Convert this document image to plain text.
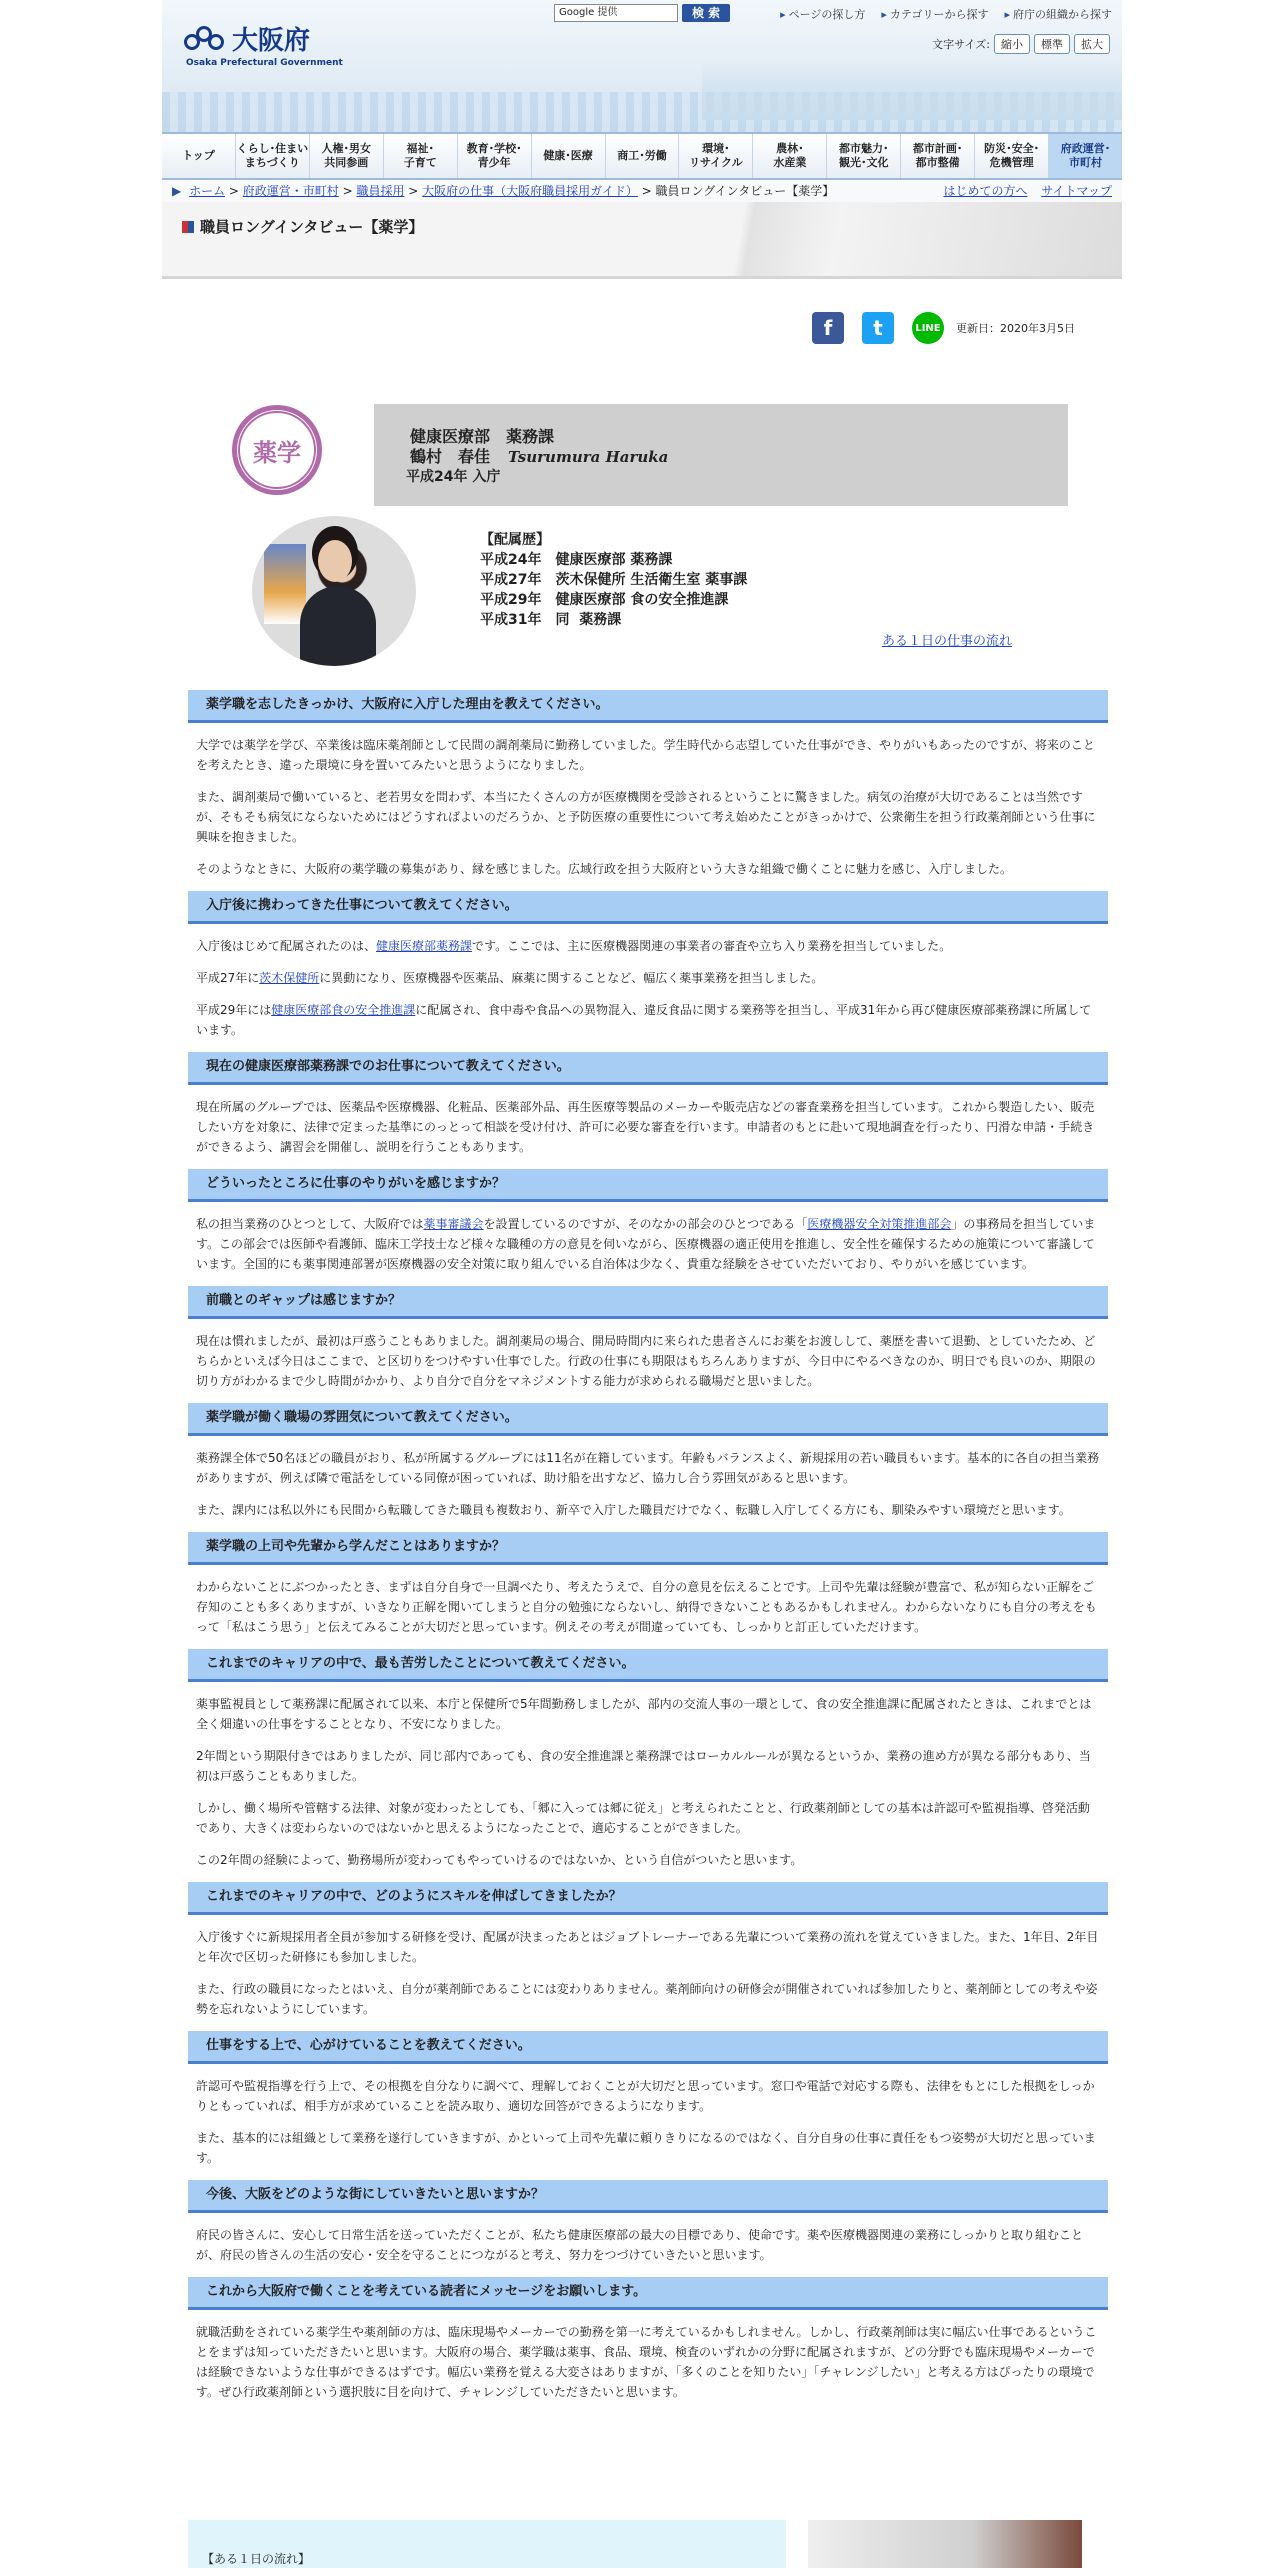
大阪府
Osaka Prefectural Government
Google 提供	検 索	▸ ページの探し方	▸ カテゴリーから探す	▸ 府庁の組織から探す
文字サイズ:	縮小	標準	拡大
トップ
くらし･住まい
まちづくり
人権･男女
共同参画
福祉･
子育て
教育･学校･
青少年
健康･医療	商工･労働
環境･
リサイクル
農林･
水産業
都市魅力･
観光･文化
都市計画･
都市整備
防災･安全･
危機管理
府政運営･
市町村
▶ ホーム > 府政運営・市町村 > 職員採用 > 大阪府の仕事（大阪府職員採用ガイド） > 職員ロングインタビュー【薬学】	はじめての方へ サイトマップ
職員ロングインタビュー【薬学】
f	t	LINE	更新日：2020年3月5日
薬学
健康医療部　薬務課
鶴村　春佳 Tsurumura Haruka
平成24年 入庁
【配属歴】
平成24年　健康医療部 薬務課
平成27年　茨木保健所 生活衛生室 薬事課
平成29年　健康医療部 食の安全推進課
平成31年　同  薬務課
ある１日の仕事の流れ
薬学職を志したきっかけ、大阪府に入庁した理由を教えてください。
大学では薬学を学び、卒業後は臨床薬剤師として民間の調剤薬局に勤務していました。学生時代から志望していた仕事ができ、やりがいもあったのですが、将来のことを考えたとき、違った環境に身を置いてみたいと思うようになりました。
また、調剤薬局で働いていると、老若男女を問わず、本当にたくさんの方が医療機関を受診されるということに驚きました。病気の治療が大切であることは当然ですが、そもそも病気にならないためにはどうすればよいのだろうか、と予防医療の重要性について考え始めたことがきっかけで、公衆衛生を担う行政薬剤師という仕事に興味を抱きました。
そのようなときに、大阪府の薬学職の募集があり、縁を感じました。広域行政を担う大阪府という大きな組織で働くことに魅力を感じ、入庁しました。
入庁後に携わってきた仕事について教えてください。
入庁後はじめて配属されたのは、健康医療部薬務課です。ここでは、主に医療機器関連の事業者の審査や立ち入り業務を担当していました。
平成27年に茨木保健所に異動になり、医療機器や医薬品、麻薬に関することなど、幅広く薬事業務を担当しました。
平成29年には健康医療部食の安全推進課に配属され、食中毒や食品への異物混入、違反食品に関する業務等を担当し、平成31年から再び健康医療部薬務課に所属しています。
現在の健康医療部薬務課でのお仕事について教えてください。
現在所属のグループでは、医薬品や医療機器、化粧品、医薬部外品、再生医療等製品のメーカーや販売店などの審査業務を担当しています。これから製造したい、販売したい方を対象に、法律で定まった基準にのっとって相談を受け付け、許可に必要な審査を行います。申請者のもとに赴いて現地調査を行ったり、円滑な申請・手続きができるよう、講習会を開催し、説明を行うこともあります。
どういったところに仕事のやりがいを感じますか？
私の担当業務のひとつとして、大阪府では薬事審議会を設置しているのですが、そのなかの部会のひとつである「医療機器安全対策推進部会」の事務局を担当しています。この部会では医師や看護師、臨床工学技士など様々な職種の方の意見を伺いながら、医療機器の適正使用を推進し、安全性を確保するための施策について審議しています。全国的にも薬事関連部署が医療機器の安全対策に取り組んでいる自治体は少なく、貴重な経験をさせていただいており、やりがいを感じています。
前職とのギャップは感じますか？
現在は慣れましたが、最初は戸惑うこともありました。調剤薬局の場合、開局時間内に来られた患者さんにお薬をお渡しして、薬歴を書いて退勤、としていたため、どちらかといえば今日はここまで、と区切りをつけやすい仕事でした。行政の仕事にも期限はもちろんありますが、今日中にやるべきなのか、明日でも良いのか、期限の切り方がわかるまで少し時間がかかり、より自分で自分をマネジメントする能力が求められる職場だと思いました。
薬学職が働く職場の雰囲気について教えてください。
薬務課全体で50名ほどの職員がおり、私が所属するグループには11名が在籍しています。年齢もバランスよく、新規採用の若い職員もいます。基本的に各自の担当業務がありますが、例えば隣で電話をしている同僚が困っていれば、助け船を出すなど、協力し合う雰囲気があると思います。
また、課内には私以外にも民間から転職してきた職員も複数おり、新卒で入庁した職員だけでなく、転職し入庁してくる方にも、馴染みやすい環境だと思います。
薬学職の上司や先輩から学んだことはありますか？
わからないことにぶつかったとき、まずは自分自身で一旦調べたり、考えたうえで、自分の意見を伝えることです。上司や先輩は経験が豊富で、私が知らない正解をご存知のことも多くありますが、いきなり正解を聞いてしまうと自分の勉強にならないし、納得できないこともあるかもしれません。わからないなりにも自分の考えをもって「私はこう思う」と伝えてみることが大切だと思っています。例えその考えが間違っていても、しっかりと訂正していただけます。
これまでのキャリアの中で、最も苦労したことについて教えてください。
薬事監視員として薬務課に配属されて以来、本庁と保健所で5年間勤務しましたが、部内の交流人事の一環として、食の安全推進課に配属されたときは、これまでとは全く畑違いの仕事をすることとなり、不安になりました。
2年間という期限付きではありましたが、同じ部内であっても、食の安全推進課と薬務課ではローカルルールが異なるというか、業務の進め方が異なる部分もあり、当初は戸惑うこともありました。
しかし、働く場所や管轄する法律、対象が変わったとしても、「郷に入っては郷に従え」と考えられたことと、行政薬剤師としての基本は許認可や監視指導、啓発活動であり、大きくは変わらないのではないかと思えるようになったことで、適応することができました。
この2年間の経験によって、勤務場所が変わってもやっていけるのではないか、という自信がついたと思います。
これまでのキャリアの中で、どのようにスキルを伸ばしてきましたか？
入庁後すぐに新規採用者全員が参加する研修を受け、配属が決まったあとはジョブトレーナーである先輩について業務の流れを覚えていきました。また、1年目、2年目と年次で区切った研修にも参加しました。
また、行政の職員になったとはいえ、自分が薬剤師であることには変わりありません。薬剤師向けの研修会が開催されていれば参加したりと、薬剤師としての考えや姿勢を忘れないようにしています。
仕事をする上で、心がけていることを教えてください。
許認可や監視指導を行う上で、その根拠を自分なりに調べて、理解しておくことが大切だと思っています。窓口や電話で対応する際も、法律をもとにした根拠をしっかりともっていれば、相手方が求めていることを読み取り、適切な回答ができるようになります。
また、基本的には組織として業務を遂行していきますが、かといって上司や先輩に頼りきりになるのではなく、自分自身の仕事に責任をもつ姿勢が大切だと思っています。
今後、大阪をどのような街にしていきたいと思いますか？
府民の皆さんに、安心して日常生活を送っていただくことが、私たち健康医療部の最大の目標であり、使命です。薬や医療機器関連の業務にしっかりと取り組むことが、府民の皆さんの生活の安心・安全を守ることにつながると考え、努力をつづけていきたいと思います。
これから大阪府で働くことを考えている読者にメッセージをお願いします。
就職活動をされている薬学生や薬剤師の方は、臨床現場やメーカーでの勤務を第一に考えているかもしれません。しかし、行政薬剤師は実に幅広い仕事であるということをまずは知っていただきたいと思います。大阪府の場合、薬学職は薬事、食品、環境、検査のいずれかの分野に配属されますが、どの分野でも臨床現場やメーカーでは経験できないような仕事ができるはずです。幅広い業務を覚える大変さはありますが、「多くのことを知りたい」「チャレンジしたい」と考える方はぴったりの環境です。ぜひ行政薬剤師という選択肢に目を向けて、チャレンジしていただきたいと思います。
【ある１日の流れ】
